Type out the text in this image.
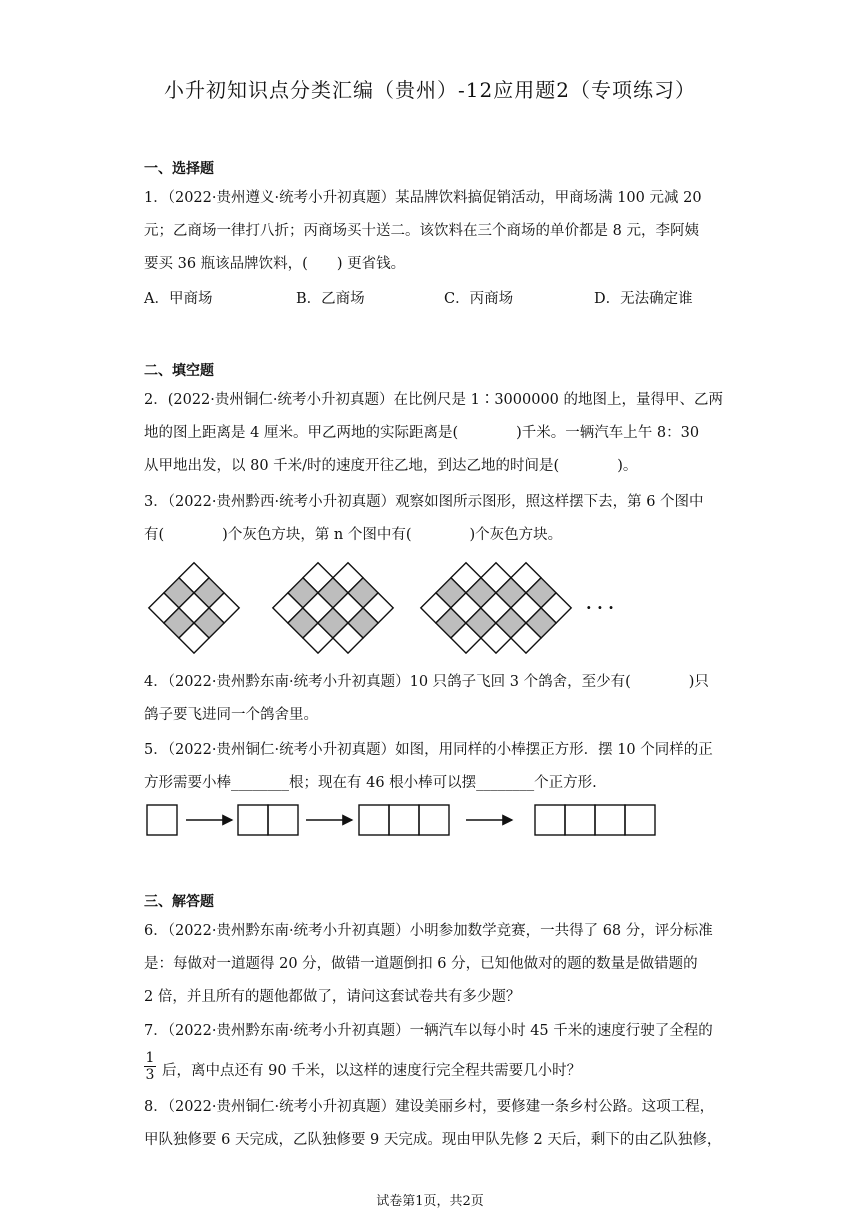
小升初知识点分类汇编（贵州）-12应用题2（专项练习）
一、选择题
1．（2022·贵州遵义·统考小升初真题）某品牌饮料搞促销活动，甲商场满 100 元减 20
元；乙商场一律打八折；丙商场买十送二。该饮料在三个商场的单价都是 8 元，李阿姨
要买 36 瓶该品牌饮料，(　　) 更省钱。
A．甲商场	B．乙商场	C．丙商场	D．无法确定谁
二、填空题
2．(2022·贵州铜仁·统考小升初真题）在比例尺是 1∶3000000 的地图上，量得甲、乙两
地的图上距离是 4 厘米。甲乙两地的实际距离是(　　　　)千米。一辆汽车上午 8：30
从甲地出发，以 80 千米/时的速度开往乙地，到达乙地的时间是(　　　　)。
3．（2022·贵州黔西·统考小升初真题）观察如图所示图形，照这样摆下去，第 6 个图中
有(　　　　)个灰色方块，第 n 个图中有(　　　　)个灰色方块。
· · ·
4．（2022·贵州黔东南·统考小升初真题）10 只鸽子飞回 3 个鸽舍，至少有(　　　　)只
鸽子要飞进同一个鸽舍里。
5．（2022·贵州铜仁·统考小升初真题）如图，用同样的小棒摆正方形．摆 10 个同样的正
方形需要小棒________根；现在有 46 根小棒可以摆________个正方形.
三、解答题
6．（2022·贵州黔东南·统考小升初真题）小明参加数学竞赛，一共得了 68 分，评分标准
是：每做对一道题得 20 分，做错一道题倒扣 6 分，已知他做对的题的数量是做错题的
2 倍，并且所有的题他都做了，请问这套试卷共有多少题？
7．（2022·贵州黔东南·统考小升初真题）一辆汽车以每小时 45 千米的速度行驶了全程的
$\frac{1}{3}$ 后，离中点还有 90 千米，以这样的速度行完全程共需要几小时？
8．（2022·贵州铜仁·统考小升初真题）建设美丽乡村，要修建一条乡村公路。这项工程，
甲队独修要 6 天完成，乙队独修要 9 天完成。现由甲队先修 2 天后，剩下的由乙队独修，
试卷第1页，共2页
